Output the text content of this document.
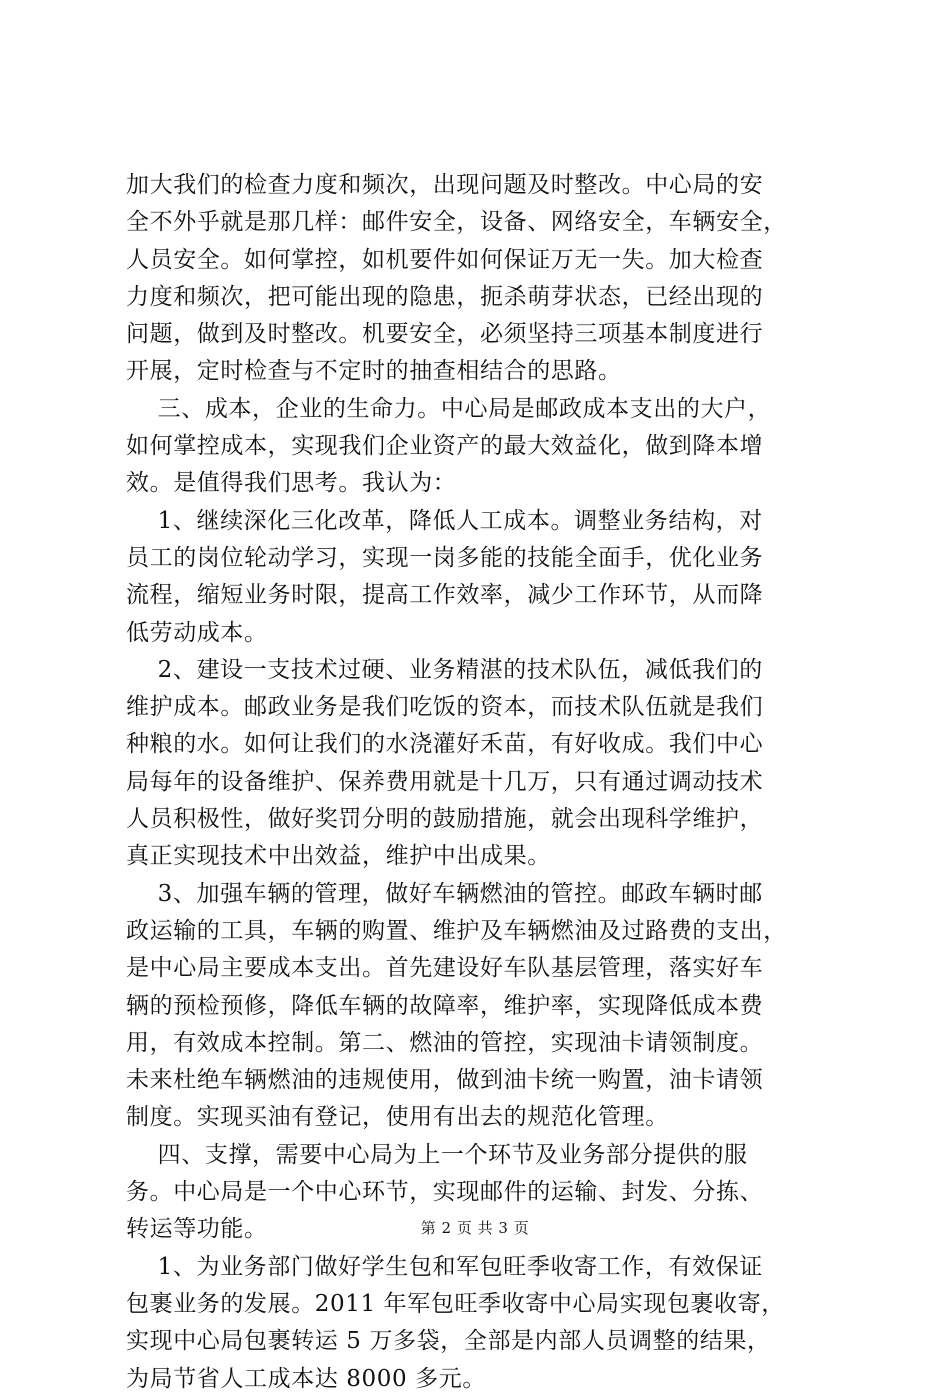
加大我们的检查力度和频次，出现问题及时整改。中心局的安
全不外乎就是那几样：邮件安全，设备、网络安全，车辆安全，
人员安全。如何掌控，如机要件如何保证万无一失。加大检查
力度和频次，把可能出现的隐患，扼杀萌芽状态，已经出现的
问题，做到及时整改。机要安全，必须坚持三项基本制度进行
开展，定时检查与不定时的抽查相结合的思路。
三、成本，企业的生命力。中心局是邮政成本支出的大户，
如何掌控成本，实现我们企业资产的最大效益化，做到降本增
效。是值得我们思考。我认为：
1、继续深化三化改革，降低人工成本。调整业务结构，对
员工的岗位轮动学习，实现一岗多能的技能全面手，优化业务
流程，缩短业务时限，提高工作效率，减少工作环节，从而降
低劳动成本。
2、建设一支技术过硬、业务精湛的技术队伍，减低我们的
维护成本。邮政业务是我们吃饭的资本，而技术队伍就是我们
种粮的水。如何让我们的水浇灌好禾苗，有好收成。我们中心
局每年的设备维护、保养费用就是十几万，只有通过调动技术
人员积极性，做好奖罚分明的鼓励措施，就会出现科学维护，
真正实现技术中出效益，维护中出成果。
3、加强车辆的管理，做好车辆燃油的管控。邮政车辆时邮
政运输的工具，车辆的购置、维护及车辆燃油及过路费的支出，
是中心局主要成本支出。首先建设好车队基层管理，落实好车
辆的预检预修，降低车辆的故障率，维护率，实现降低成本费
用，有效成本控制。第二、燃油的管控，实现油卡请领制度。
未来杜绝车辆燃油的违规使用，做到油卡统一购置，油卡请领
制度。实现买油有登记，使用有出去的规范化管理。
四、支撑，需要中心局为上一个环节及业务部分提供的服
务。中心局是一个中心环节，实现邮件的运输、封发、分拣、
转运等功能。
1、为业务部门做好学生包和军包旺季收寄工作，有效保证
包裹业务的发展。2011 年军包旺季收寄中心局实现包裹收寄，
实现中心局包裹转运 5 万多袋，全部是内部人员调整的结果，
为局节省人工成本达 8000 多元。
第 2 页 共 3 页
